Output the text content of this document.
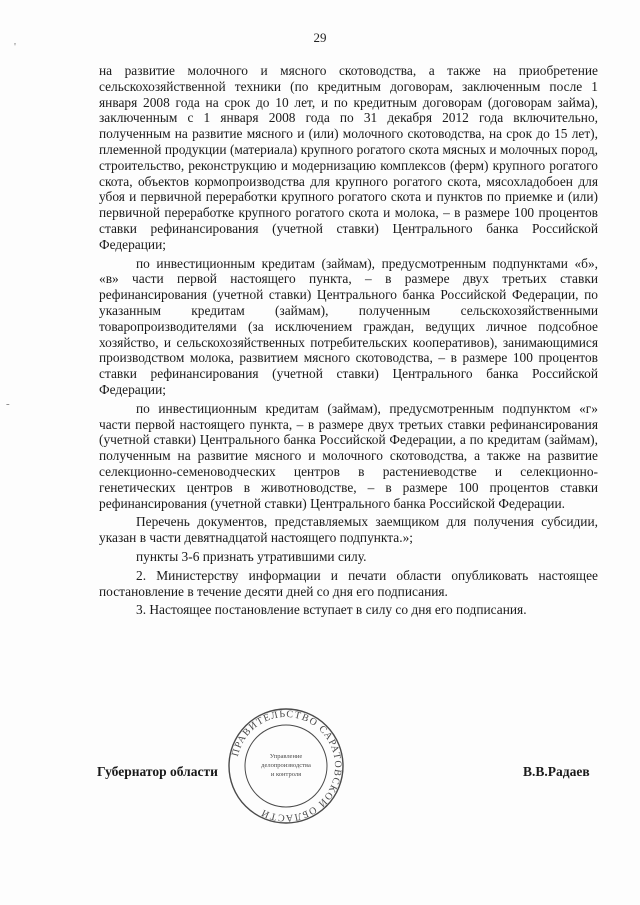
29

на развитие молочного и мясного скотоводства, а также на приобретение сельскохозяйственной техники (по кредитным договорам, заключенным после 1 января 2008 года на срок до 10 лет, и по кредитным договорам (договорам займа), заключенным с 1 января 2008 года по 31 декабря 2012 года включительно, полученным на развитие мясного и (или) молочного скотоводства, на срок до 15 лет), племенной продукции (материала) крупного рогатого скота мясных и молочных пород, строительство, реконструкцию и модернизацию комплексов (ферм) крупного рогатого скота, объектов кормопроизводства для крупного рогатого скота, мясохладобоен для убоя и первичной переработки крупного рогатого скота и пунктов по приемке и (или) первичной переработке крупного рогатого скота и молока, – в размере 100 процентов ставки рефинансирования (учетной ставки) Центрального банка Российской Федерации;

по инвестиционным кредитам (займам), предусмотренным подпунктами «б», «в» части первой настоящего пункта, – в размере двух третьих ставки рефинансирования (учетной ставки) Центрального банка Российской Федерации, по указанным кредитам (займам), полученным сельскохозяйственными товаропроизводителями (за исключением граждан, ведущих личное подсобное хозяйство, и сельскохозяйственных потребительских кооперативов), занимающимися производством молока, развитием мясного скотоводства, – в размере 100 процентов ставки рефинансирования (учетной ставки) Центрального банка Российской Федерации;

по инвестиционным кредитам (займам), предусмотренным подпунктом «г» части первой настоящего пункта, – в размере двух третьих ставки рефинансирования (учетной ставки) Центрального банка Российской Федерации, а по кредитам (займам), полученным на развитие мясного и молочного скотоводства, а также на развитие селекционно-семеноводческих центров в растениеводстве и селекционно-генетических центров в животноводстве, – в размере 100 процентов ставки рефинансирования (учетной ставки) Центрального банка Российской Федерации.

Перечень документов, представляемых заемщиком для получения субсидии, указан в части девятнадцатой настоящего подпункта.»;

пункты 3-6 признать утратившими силу.

2. Министерству информации и печати области опубликовать настоящее постановление в течение десяти дней со дня его подписания.

3. Настоящее постановление вступает в силу со дня его подписания.

ПРАВИТЕЛЬСТВО САРАТОВСКОЙ ОБЛАСТИ
Управление
делопроизводства
и контроля
Губернатор области	В.В.Радаев
'
-
